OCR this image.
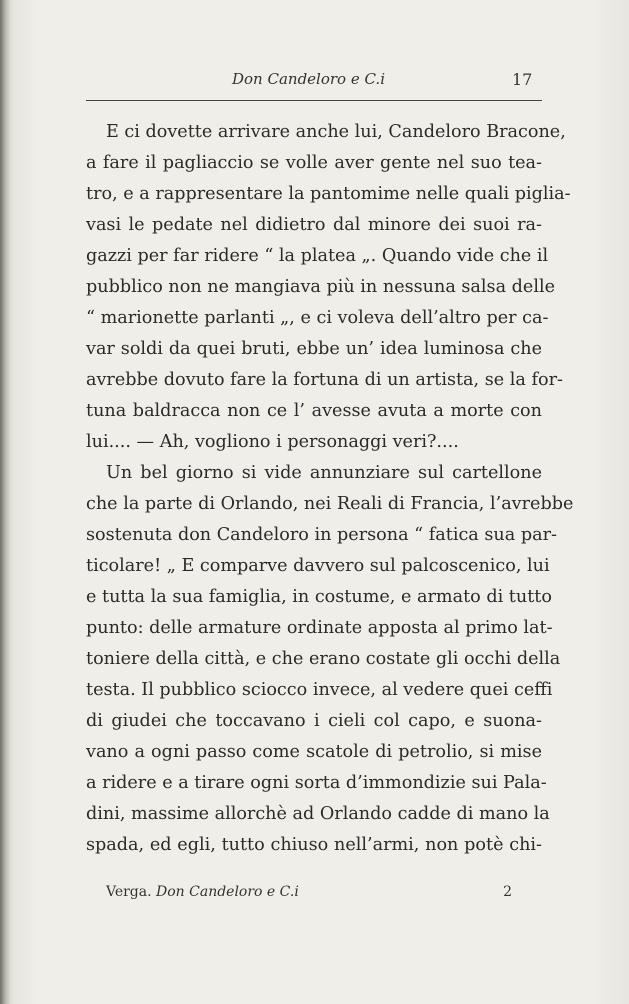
Don Candeloro e C.i	17
E ci dovette arrivare anche lui, Candeloro Bracone,
a fare il pagliaccio se volle aver gente nel suo tea-
tro, e a rappresentare la pantomime nelle quali piglia-
vasi le pedate nel didietro dal minore dei suoi ra-
gazzi per far ridere “ la platea „. Quando vide che il
pubblico non ne mangiava più in nessuna salsa delle
“ marionette parlanti „, e ci voleva dell’altro per ca-
var soldi da quei bruti, ebbe un’ idea luminosa che
avrebbe dovuto fare la fortuna di un artista, se la for-
tuna baldracca non ce l’ avesse avuta a morte con
lui.... — Ah, vogliono i personaggi veri?....
Un bel giorno si vide annunziare sul cartellone
che la parte di Orlando, nei Reali di Francia, l’avrebbe
sostenuta don Candeloro in persona “ fatica sua par-
ticolare! „ E comparve davvero sul palcoscenico, lui
e tutta la sua famiglia, in costume, e armato di tutto
punto: delle armature ordinate apposta al primo lat-
toniere della città, e che erano costate gli occhi della
testa. Il pubblico sciocco invece, al vedere quei ceffi
di giudei che toccavano i cieli col capo, e suona-
vano a ogni passo come scatole di petrolio, si mise
a ridere e a tirare ogni sorta d’immondizie sui Pala-
dini, massime allorchè ad Orlando cadde di mano la
spada, ed egli, tutto chiuso nell’armi, non potè chi-
Verga. Don Candeloro e C.i	2
